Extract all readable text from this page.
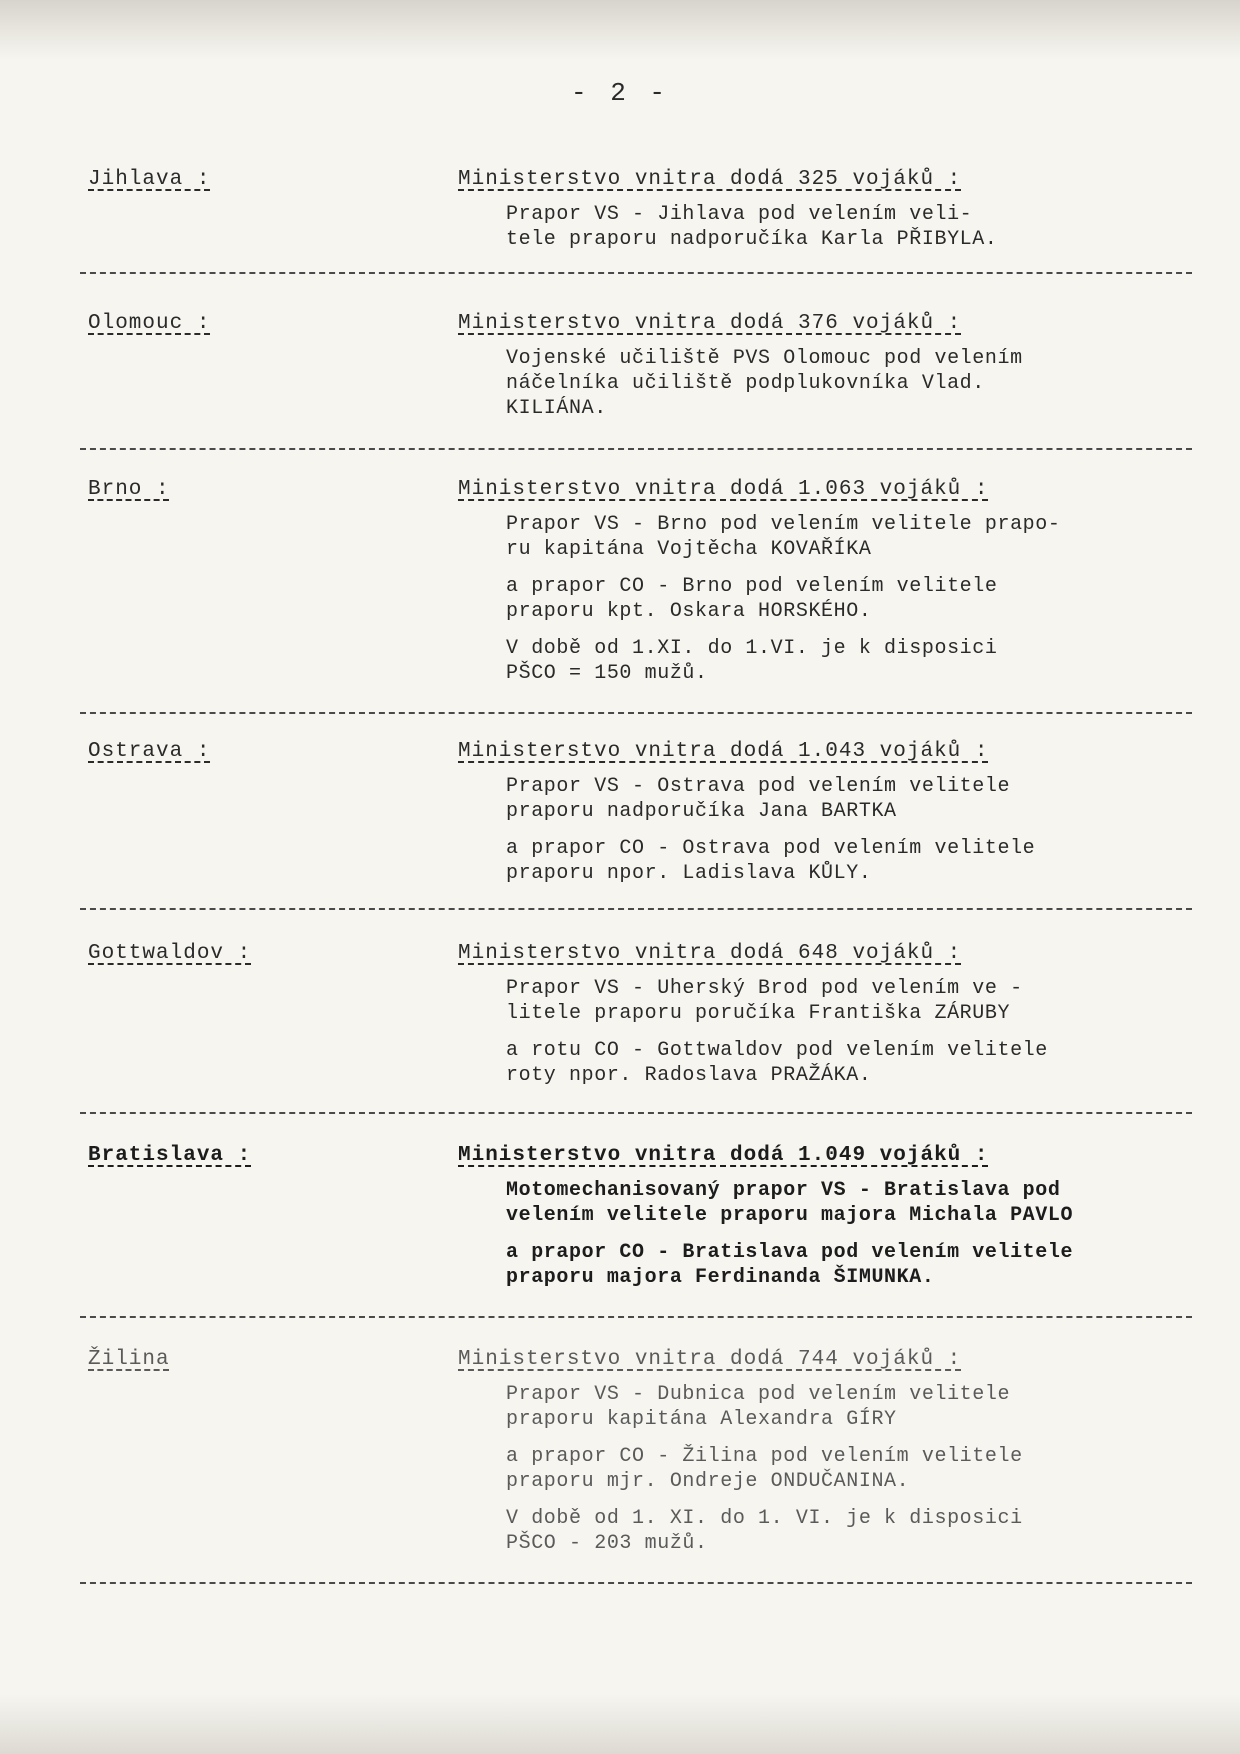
- 2 -
Jihlava :	Ministerstvo vnitra dodá 325 vojáků :
Prapor VS - Jihlava pod velením veli-
tele praporu nadporučíka Karla PŘIBYLA.
Olomouc :	Ministerstvo vnitra dodá 376 vojáků :
Vojenské učiliště PVS Olomouc pod velením
náčelníka učiliště podplukovníka Vlad.
KILIÁNA.
Brno :	Ministerstvo vnitra dodá 1.063 vojáků :
Prapor VS - Brno pod velením velitele prapo-
ru kapitána Vojtěcha KOVAŘÍKA
a prapor CO - Brno pod velením velitele
praporu kpt. Oskara HORSKÉHO.
V době od 1.XI. do 1.VI. je k disposici
PŠCO = 150 mužů.
Ostrava :	Ministerstvo vnitra dodá 1.043 vojáků :
Prapor VS - Ostrava pod velením velitele
praporu nadporučíka Jana BARTKA
a prapor CO - Ostrava pod velením velitele
praporu npor. Ladislava KŮLY.
Gottwaldov :	Ministerstvo vnitra dodá 648 vojáků :
Prapor VS - Uherský Brod pod velením ve -
litele praporu poručíka Františka ZÁRUBY
a rotu CO - Gottwaldov pod velením velitele
roty npor. Radoslava PRAŽÁKA.
Bratislava :	Ministerstvo vnitra dodá 1.049 vojáků :
Motomechanisovaný prapor VS - Bratislava pod
velením velitele praporu majora Michala PAVLO
a prapor CO - Bratislava pod velením velitele
praporu majora Ferdinanda ŠIMUNKA.
Žilina	Ministerstvo vnitra dodá 744 vojáků :
Prapor VS - Dubnica pod velením velitele
praporu kapitána Alexandra GÍRY
a prapor CO - Žilina pod velením velitele
praporu mjr. Ondreje ONDUČANINA.
V době od 1. XI. do 1. VI. je k disposici
PŠCO - 203 mužů.
